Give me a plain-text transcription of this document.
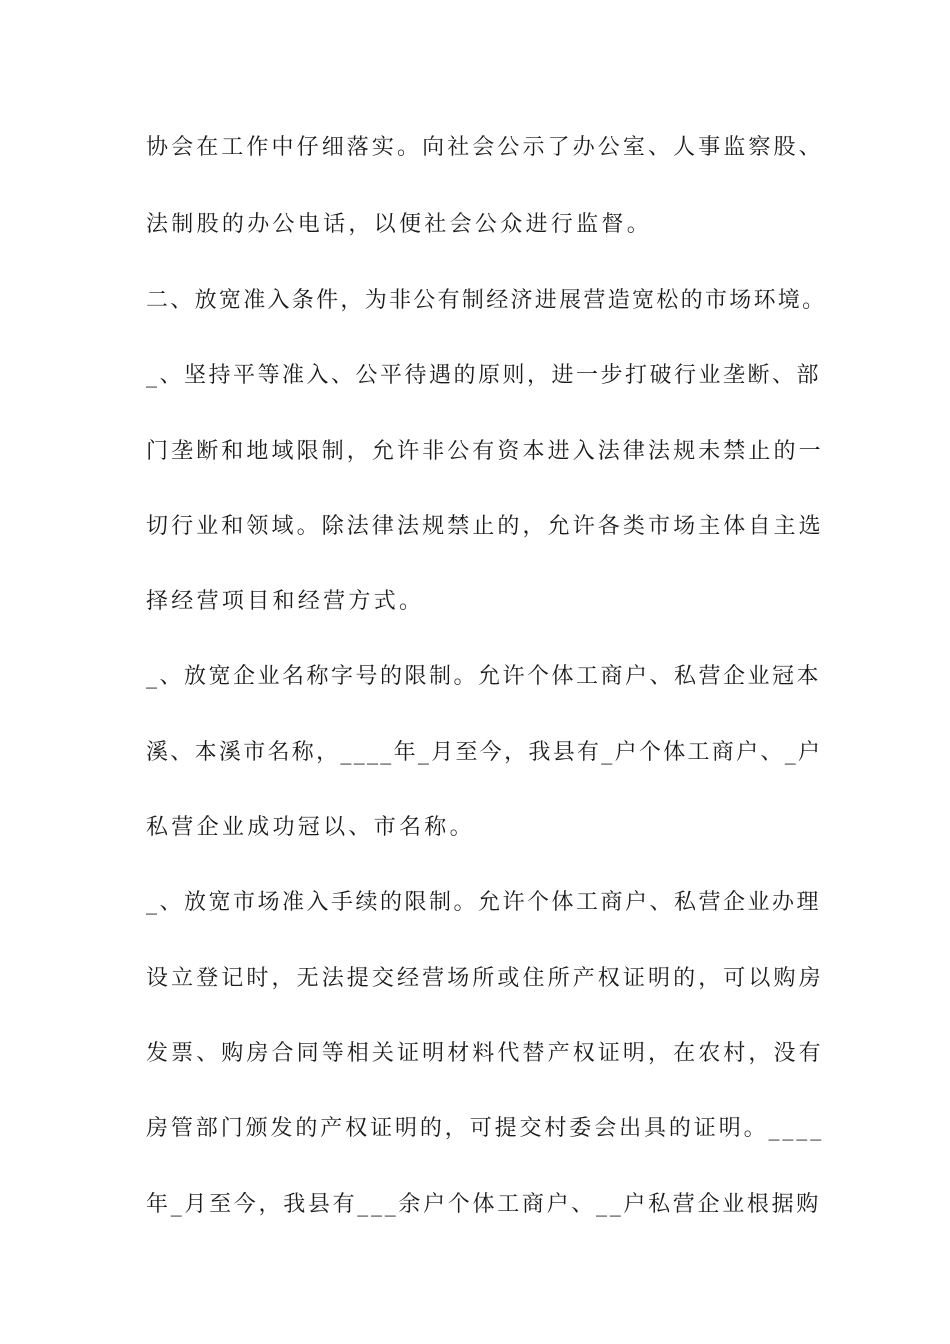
协会在工作中仔细落实。向社会公示了办公室、人事监察股、

法制股的办公电话，以便社会公众进行监督。

二、放宽准入条件，为非公有制经济进展营造宽松的市场环境。

_、坚持平等准入、公平待遇的原则，进一步打破行业垄断、部

门垄断和地域限制，允许非公有资本进入法律法规未禁止的一

切行业和领域。除法律法规禁止的，允许各类市场主体自主选

择经营项目和经营方式。

_、放宽企业名称字号的限制。允许个体工商户、私营企业冠本

溪、本溪市名称，____年_月至今，我县有_户个体工商户、_户

私营企业成功冠以、市名称。

_、放宽市场准入手续的限制。允许个体工商户、私营企业办理

设立登记时，无法提交经营场所或住所产权证明的，可以购房

发票、购房合同等相关证明材料代替产权证明，在农村，没有

房管部门颁发的产权证明的，可提交村委会出具的证明。____

年_月至今，我县有___余户个体工商户、__户私营企业根据购
